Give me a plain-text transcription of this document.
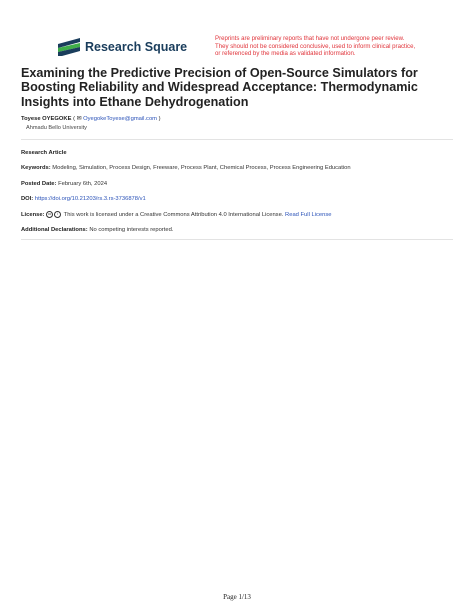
Research Square
Preprints are preliminary reports that have not undergone peer review.
They should not be considered conclusive, used to inform clinical practice,
or referenced by the media as validated information.
Examining the Predictive Precision of Open-Source Simulators for Boosting Reliability and Widespread Acceptance: Thermodynamic Insights into Ethane Dehydrogenation
Toyese OYEGOKE ( ✉ OyegokeToyese@gmail.com )
Ahmadu Bello University
Research Article
Keywords: Modeling, Simulation, Process Design, Freeware, Process Plant, Chemical Process, Process Engineering Education
Posted Date: February 6th, 2024
DOI: https://doi.org/10.21203/rs.3.rs-3736878/v1
License: cc i This work is licensed under a Creative Commons Attribution 4.0 International License. Read Full License
Additional Declarations: No competing interests reported.
Page 1/13
